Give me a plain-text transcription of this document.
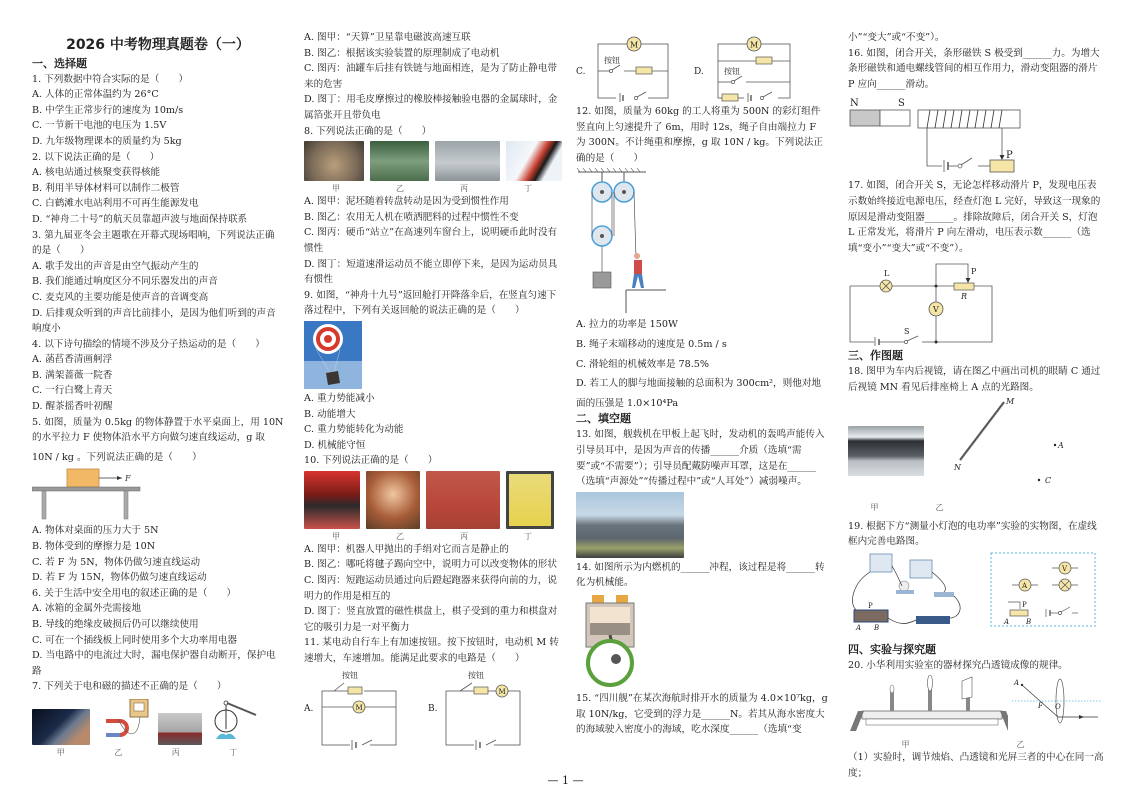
2026 中考物理真题卷（一）
一、选择题
1. 下列数据中符合实际的是（　　）
A. 人体的正常体温约为 26°C
B. 中学生正常步行的速度为 10m/s
C. 一节新干电池的电压为 1.5V
D. 九年级物理课本的质量约为 5kg
2. 以下说法正确的是（　　）
A. 核电站通过核聚变获得核能
B. 利用半导体材料可以制作二极管
C. 白鹤滩水电站利用不可再生能源发电
D. “神舟二十号”的航天员靠超声波与地面保持联系
3. 第九届亚冬会主题歌在开幕式现场唱响，下列说法正确的是（　　）
A. 歌手发出的声音是由空气振动产生的
B. 我们能通过响度区分不同乐器发出的声音
C. 麦克风的主要功能是使声音的音调变高
D. 后排观众听到的声音比前排小，是因为他们听到的声音响度小
4. 以下诗句描绘的情境不涉及分子热运动的是（　　）
A. 菡萏香清画舸浮
B. 满架蔷薇一院香
C. 一行白鹭上青天
D. 醒茶摇香叶初醒
5. 如图，质量为 0.5kg 的物体静置于水平桌面上，用 10N 的水平拉力 F 使物体沿水平方向做匀速直线运动，g 取
10N / kg 。下列说法正确的是（　　）
F
A. 物体对桌面的压力大于 5N
B. 物体受到的摩擦力是 10N
C. 若 F 为 5N，物体仍做匀速直线运动
D. 若 F 为 15N，物体仍做匀速直线运动
6. 关于生活中安全用电的叙述正确的是（　　）
A. 冰箱的金属外壳需接地
B. 导线的绝缘皮破损后仍可以继续使用
C. 可在一个插线板上同时使用多个大功率用电器
D. 当电路中的电流过大时，漏电保护器自动断开，保护电路
7. 下列关于电和磁的描述不正确的是（　　）
甲	乙	丙	丁
A. 图甲：“天算”卫星靠电磁波高速互联
B. 图乙：根据该实验装置的原理制成了电动机
C. 图丙：油罐车后挂有铁链与地面相连，是为了防止静电带来的危害
D. 图丁：用毛皮摩擦过的橡胶棒接触验电器的金属球时，金属箔张开且带负电
8. 下列说法正确的是（　　）
甲	乙	丙	丁
A. 图甲：泥坯随着转盘转动是因为受到惯性作用
B. 图乙：农用无人机在喷洒肥料的过程中惯性不变
C. 图丙：硬币“站立”在高速列车窗台上，说明硬币此时没有惯性
D. 图丁：短道速滑运动员不能立即停下来，是因为运动员具有惯性
9. 如图，“神舟十九号”返回舱打开降落伞后，在竖直匀速下落过程中，下列有关返回舱的说法正确的是（　　）
A. 重力势能减小
B. 动能增大
C. 重力势能转化为动能
D. 机械能守恒
10. 下列说法正确的是（　　）
甲	乙	丙	丁
A. 图甲：机器人甲抛出的手绢对它而言是静止的
B. 图乙：哪吒将毽子踢向空中，说明力可以改变物体的形状
C. 图丙：短跑运动员通过向后蹬起跑器来获得向前的力，说明力的作用是相互的
D. 图丁：竖直放置的磁性棋盘上，棋子受到的重力和棋盘对它的吸引力是一对平衡力
11. 某电动自行车上有加速按钮。按下按钮时，电动机 M 转速增大，车速增加。能满足此要求的电路是（　　）
A.
按钮
M	B.
按钮
M
C.
M
按钮
D.
M
按钮
12. 如图，质量为 60kg 的工人将重为 500N 的彩灯组件竖直向上匀速提升了 6m，用时 12s，绳子自由端拉力 F 为 300N。不计绳重和摩擦，g 取 10N / kg。下列说法正确的是（　　）
A. 拉力的功率是 150W
B. 绳子末端移动的速度是 0.5m / s
C. 滑轮组的机械效率是 78.5%
D. 若工人的脚与地面接触的总面积为 300cm²，则他对地
面的压强是 1.0×10⁴Pa
二、填空题
13. 如图，舰载机在甲板上起飞时，发动机的轰鸣声能传入引导员耳中，是因为声音的传播______介质（选填“需要”或“不需要”）；引导员配戴防噪声耳罩，这是在______（选填“声源处”“传播过程中”或“人耳处”）减弱噪声。
14. 如图所示为内燃机的______冲程，该过程是将______转化为机械能。
15. “四川舰”在某次海航时排开水的质量为 4.0×10⁷kg，g 取 10N/kg，它受到的浮力是______N。若其从海水密度大的海域驶入密度小的海域，吃水深度______（选填“变
小”“变大”或“不变”）。
16. 如图，闭合开关，条形磁铁 S 极受到______力。为增大条形磁铁和通电螺线管间的相互作用力，滑动变阻器的滑片 P 应向______滑动。
N	S
P
17. 如图，闭合开关 S，无论怎样移动滑片 P，发现电压表示数始终接近电源电压，经查灯泡 L 完好，导致这一现象的原因是滑动变阻器______。排除故障后，闭合开关 S，灯泡 L 正常发光，将滑片 P 向左滑动，电压表示数______（选填“变小”“变大”或“不变”）。
P
R
L
V
S
三、作图题
18. 图甲为车内后视镜，请在图乙中画出司机的眼睛 C 通过后视镜 MN 看见后排座椅上 A 点的光路图。
M
N
A
C
甲	乙
19. 根据下方“测量小灯泡的电功率”实验的实物图，在虚线框内完善电路图。
P
A B
V
A
P
A B
四、实验与探究题
20. 小华利用实验室的器材探究凸透镜成像的规律。
A
F O
甲	乙
（1）实验时，调节烛焰、凸透镜和光屏三者的中心在同一高度；
— 1 —
